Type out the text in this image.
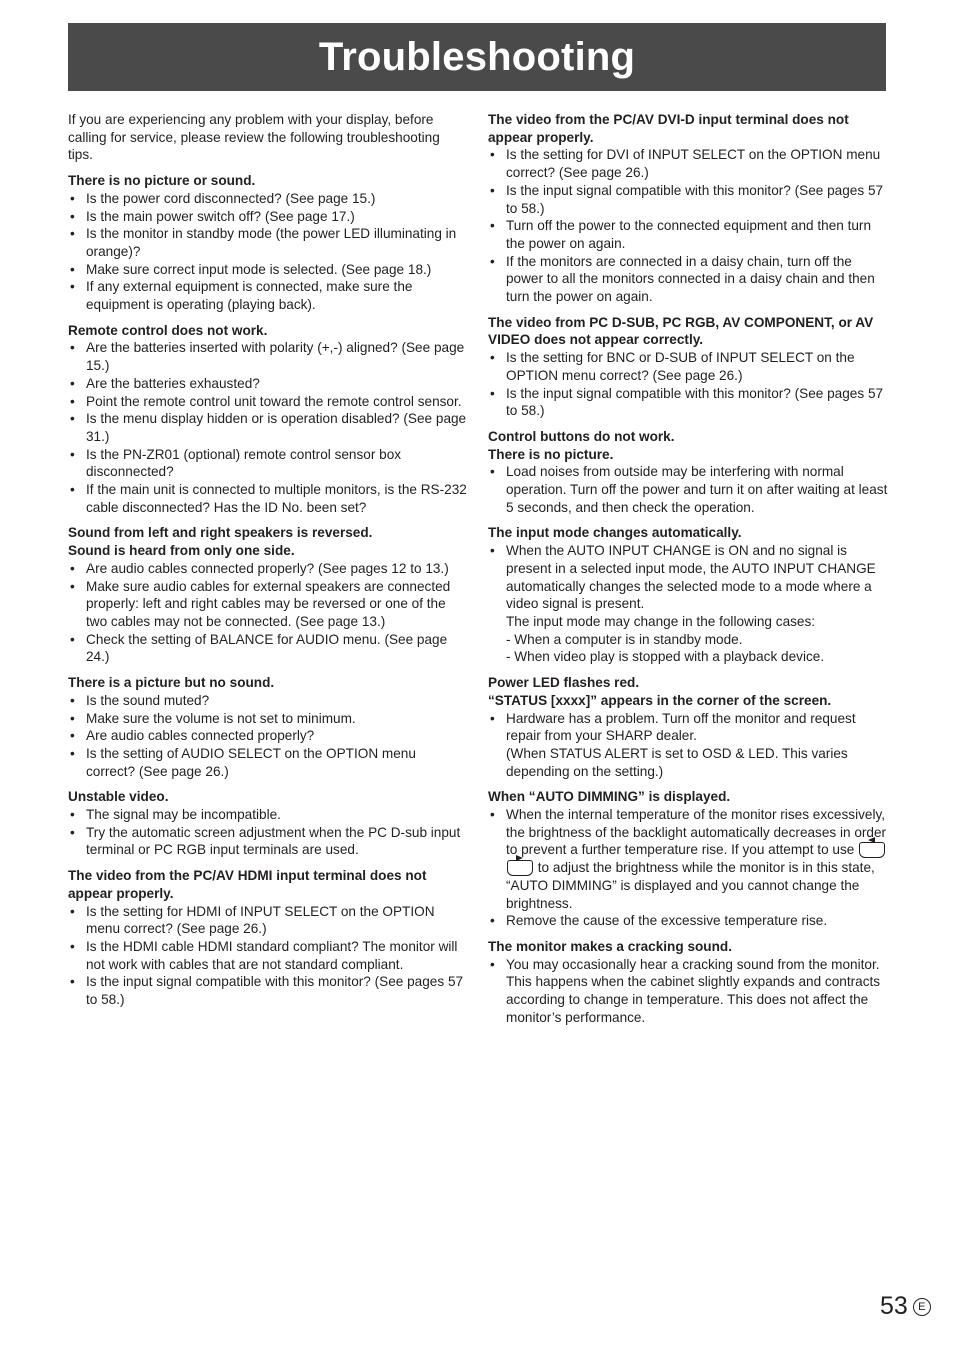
Troubleshooting

If you are experiencing any problem with your display, before calling for service, please review the following troubleshooting tips.

There is no picture or sound.

• Is the power cord disconnected? (See page 15.)
• Is the main power switch off? (See page 17.)
• Is the monitor in standby mode (the power LED illuminating in orange)?
• Make sure correct input mode is selected. (See page 18.)
• If any external equipment is connected, make sure the equipment is operating (playing back).

Remote control does not work.

• Are the batteries inserted with polarity (+,-) aligned? (See page 15.)
• Are the batteries exhausted?
• Point the remote control unit toward the remote control sensor.
• Is the menu display hidden or is operation disabled? (See page 31.)
• Is the PN-ZR01 (optional) remote control sensor box disconnected?
• If the main unit is connected to multiple monitors, is the RS-232 cable disconnected? Has the ID No. been set?

Sound from left and right speakers is reversed.

Sound is heard from only one side.

• Are audio cables connected properly? (See pages 12 to 13.)
• Make sure audio cables for external speakers are connected properly: left and right cables may be reversed or one of the two cables may not be connected. (See page 13.)
• Check the setting of BALANCE for AUDIO menu. (See page 24.)

There is a picture but no sound.

• Is the sound muted?
• Make sure the volume is not set to minimum.
• Are audio cables connected properly?
• Is the setting of AUDIO SELECT on the OPTION menu correct? (See page 26.)

Unstable video.

• The signal may be incompatible.
• Try the automatic screen adjustment when the PC D-sub input terminal or PC RGB input terminals are used.

The video from the PC/AV HDMI input terminal does not appear properly.

• Is the setting for HDMI of INPUT SELECT on the OPTION menu correct? (See page 26.)
• Is the HDMI cable HDMI standard compliant? The monitor will not work with cables that are not standard compliant.
• Is the input signal compatible with this monitor? (See pages 57 to 58.)

The video from the PC/AV DVI-D input terminal does not appear properly.

• Is the setting for DVI of INPUT SELECT on the OPTION menu correct? (See page 26.)
• Is the input signal compatible with this monitor? (See pages 57 to 58.)
• Turn off the power to the connected equipment and then turn the power on again.
• If the monitors are connected in a daisy chain, turn off the power to all the monitors connected in a daisy chain and then turn the power on again.

The video from PC D-SUB, PC RGB, AV COMPONENT, or AV VIDEO does not appear correctly.

• Is the setting for BNC or D-SUB of INPUT SELECT on the OPTION menu correct? (See page 26.)
• Is the input signal compatible with this monitor? (See pages 57 to 58.)

Control buttons do not work.

There is no picture.

• Load noises from outside may be interfering with normal operation. Turn off the power and turn it on after waiting at least 5 seconds, and then check the operation.

The input mode changes automatically.

• When the AUTO INPUT CHANGE is ON and no signal is present in a selected input mode, the AUTO INPUT CHANGE automatically changes the selected mode to a mode where a video signal is present.
The input mode may change in the following cases:
- When a computer is in standby mode.
- When video play is stopped with a playback device.

Power LED flashes red.

“STATUS [xxxx]” appears in the corner of the screen.

• Hardware has a problem. Turn off the monitor and request repair from your SHARP dealer.
(When STATUS ALERT is set to OSD & LED. This varies depending on the setting.)

When “AUTO DIMMING” is displayed.

• When the internal temperature of the monitor rises excessively, the brightness of the backlight automatically decreases in order to prevent a further temperature rise. If you attempt to use
to adjust the brightness while the monitor is in this state, “AUTO DIMMING” is displayed and you cannot change the brightness.
• Remove the cause of the excessive temperature rise.

The monitor makes a cracking sound.

• You may occasionally hear a cracking sound from the monitor. This happens when the cabinet slightly expands and contracts according to change in temperature. This does not affect the monitor’s performance.
53 E
